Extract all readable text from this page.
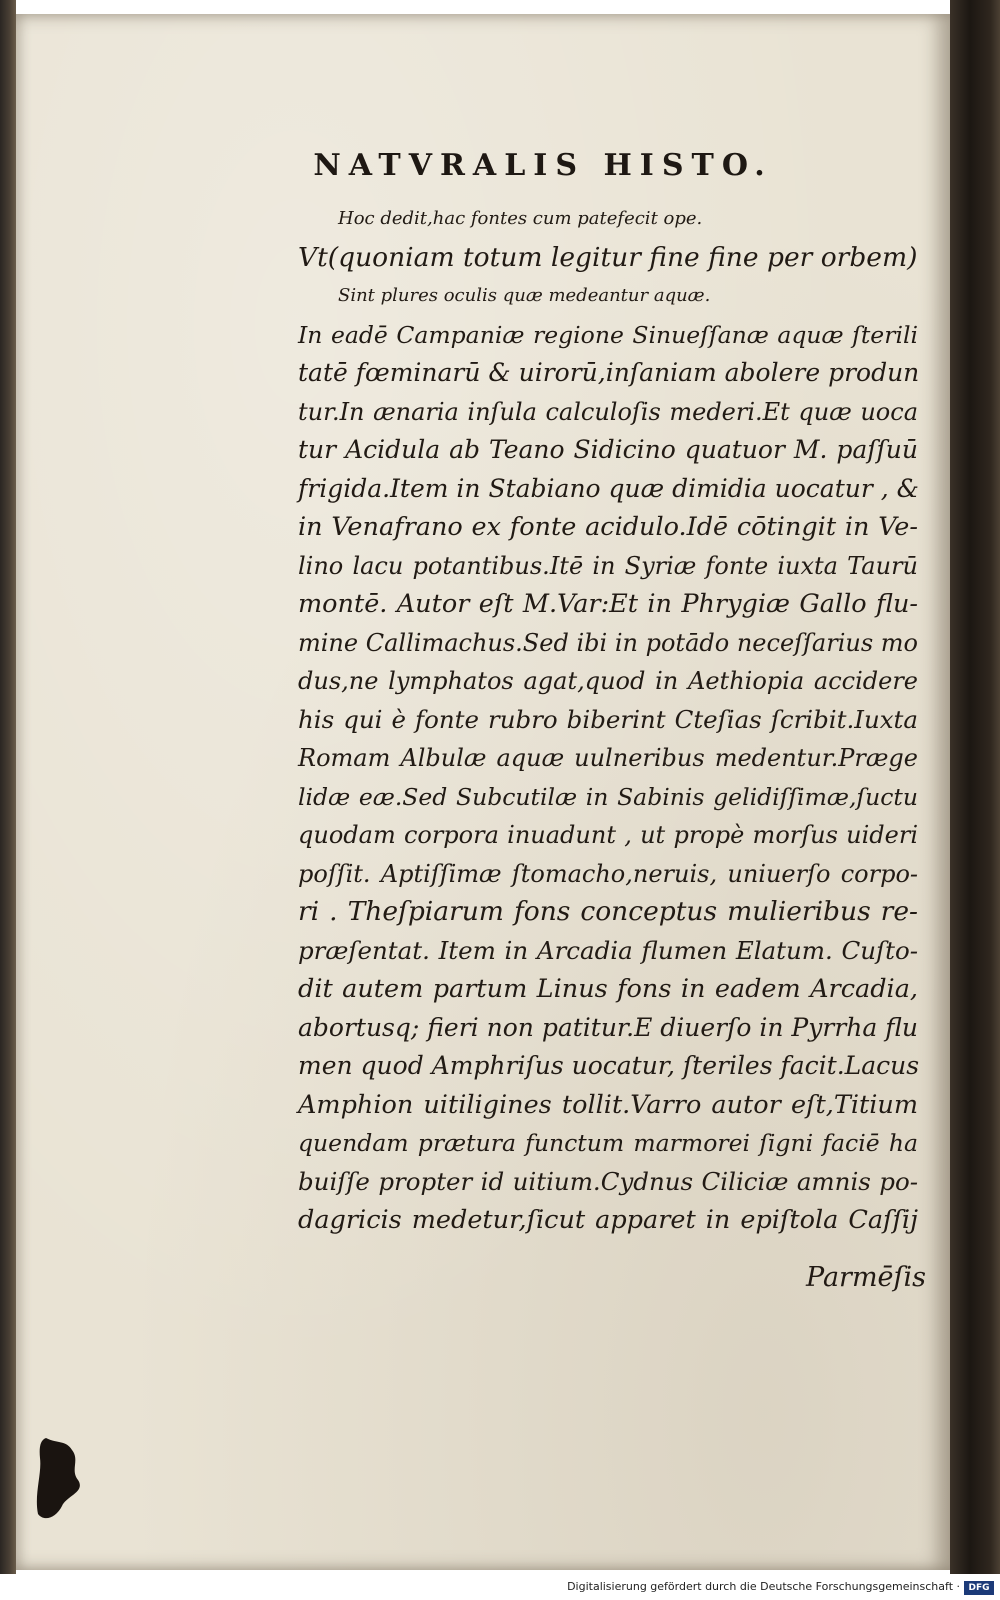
NATVRALIS HISTO.
Hoc dedit,hac fontes cum patefecit ope.
Vt(quoniam totum legitur fine fine per orbem)
Sint plures oculis quæ medeantur aquæ.
In eadē Campaniæ regione Sinueſſanæ aquæ ſterili
tatē fœminarū & uirorū,inſaniam abolere produn
tur.In ænaria inſula calculoſis mederi.Et quæ uoca
tur Acidula ab Teano Sidicino quatuor M. paſſuū
frigida.Item in Stabiano quæ dimidia uocatur , &
in Venafrano ex fonte acidulo.Idē cōtingit in Ve-
lino lacu potantibus.Itē in Syriæ fonte iuxta Taurū
montē. Autor eſt M.Var:Et in Phrygiæ Gallo flu-
mine Callimachus.Sed ibi in potādo neceſſarius mo
dus,ne lymphatos agat,quod in Aethiopia accidere
his qui è fonte rubro biberint Cteſias ſcribit.Iuxta
Romam Albulæ aquæ uulneribus medentur.Præge
lidæ eæ.Sed Subcutilæ in Sabinis gelidiſſimæ,ſuctu
quodam corpora inuadunt , ut propè morſus uideri
poſſit. Aptiſſimæ ſtomacho,neruis, uniuerſo corpo-
ri . Theſpiarum fons conceptus mulieribus re-
præſentat. Item in Arcadia flumen Elatum. Cuſto-
dit autem partum Linus fons in eadem Arcadia,
abortusq; fieri non patitur.E diuerſo in Pyrrha flu
men quod Amphriſus uocatur, ſteriles facit.Lacus
Amphion uitiligines tollit.Varro autor eſt,Titium
quendam prætura functum marmorei ſigni faciē ha
buiſſe propter id uitium.Cydnus Ciliciæ amnis po-
dagricis medetur,ſicut apparet in epiſtola Caſſij
Parmēſis
Digitalisierung gefördert durch die Deutsche Forschungsgemeinschaft · DFG
